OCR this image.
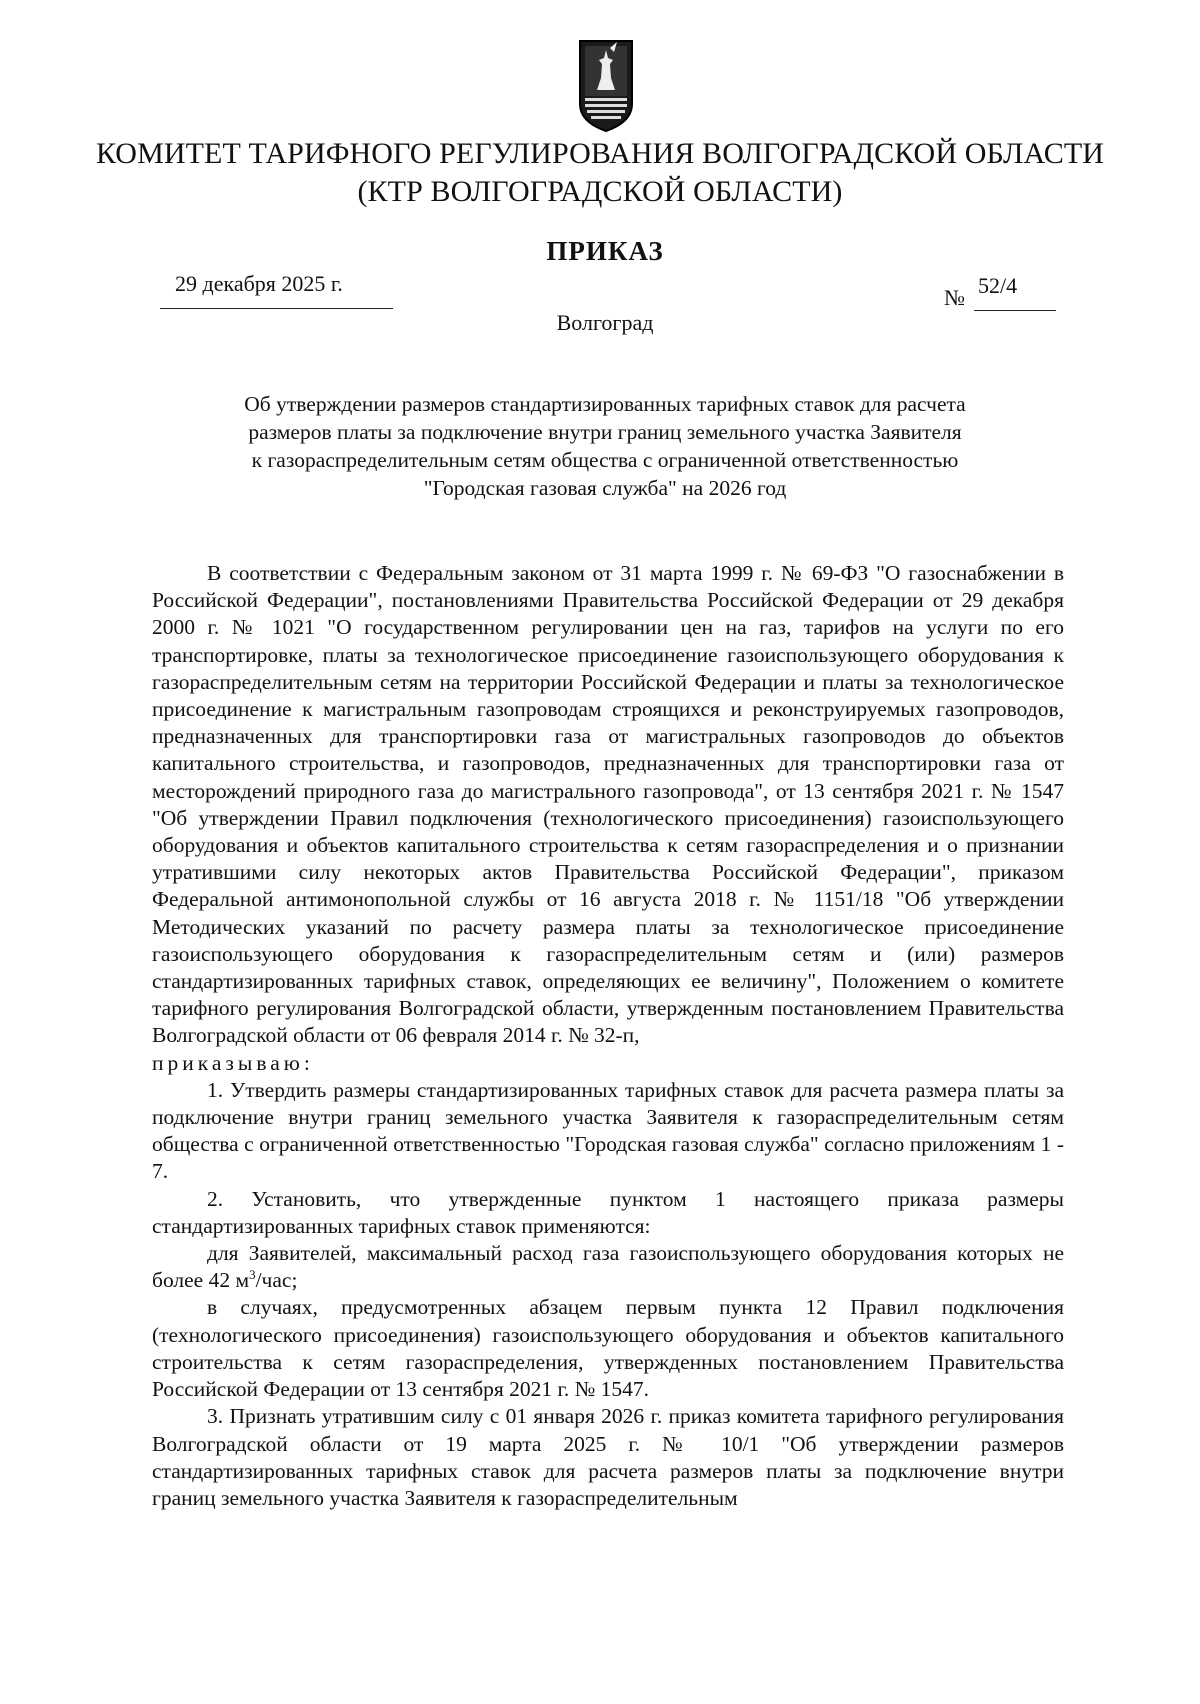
КОМИТЕТ ТАРИФНОГО РЕГУЛИРОВАНИЯ ВОЛГОГРАДСКОЙ ОБЛАСТИ
(КТР ВОЛГОГРАДСКОЙ ОБЛАСТИ)
ПРИКАЗ
29 декабря 2025 г.
№ 52/4
Волгоград
Об утверждении размеров стандартизированных тарифных ставок для расчета
размеров платы за подключение внутри границ земельного участка Заявителя
к газораспределительным сетям общества с ограниченной ответственностью
"Городская газовая служба" на 2026 год

В соответствии с Федеральным законом от 31 марта 1999 г. № 69-ФЗ "О газоснабжении в Российской Федерации", постановлениями Правительства Российской Федерации от 29 декабря 2000 г. № 1021 "О государственном регулировании цен на газ, тарифов на услуги по его транспортировке, платы за технологическое присоединение газоиспользующего оборудования к газораспределительным сетям на территории Российской Федерации и платы за технологическое присоединение к магистральным газопроводам строящихся и реконструируемых газопроводов, предназначенных для транспортировки газа от магистральных газопроводов до объектов капитального строительства, и газопроводов, предназначенных для транспортировки газа от месторождений природного газа до магистрального газопровода", от 13 сентября 2021 г. № 1547 "Об утверждении Правил подключения (технологического присоединения) газоиспользующего оборудования и объектов капитального строительства к сетям газораспределения и о признании утратившими силу некоторых актов Правительства Российской Федерации", приказом Федеральной антимонопольной службы от 16 августа 2018 г. № 1151/18 "Об утверждении Методических указаний по расчету размера платы за технологическое присоединение газоиспользующего оборудования к газораспределительным сетям и (или) размеров стандартизированных тарифных ставок, определяющих ее величину", Положением о комитете тарифного регулирования Волгоградской области, утвержденным постановлением Правительства Волгоградской области от 06 февраля 2014 г. № 32-п,

приказываю:

1. Утвердить размеры стандартизированных тарифных ставок для расчета размера платы за подключение внутри границ земельного участка Заявителя к газораспределительным сетям общества с ограниченной ответственностью "Городская газовая служба" согласно приложениям 1 - 7.

2. Установить, что утвержденные пунктом 1 настоящего приказа размеры стандартизированных тарифных ставок применяются:

для Заявителей, максимальный расход газа газоиспользующего оборудования которых не более 42 $м^3$/час;

в случаях, предусмотренных абзацем первым пункта 12 Правил подключения (технологического присоединения) газоиспользующего оборудования и объектов капитального строительства к сетям газораспределения, утвержденных постановлением Правительства Российской Федерации от 13 сентября 2021 г. № 1547.

3. Признать утратившим силу с 01 января 2026 г. приказ комитета тарифного регулирования Волгоградской области от 19 марта 2025 г. № 10/1 "Об утверждении размеров стандартизированных тарифных ставок для расчета размеров платы за подключение внутри границ земельного участка Заявителя к газораспределительным
